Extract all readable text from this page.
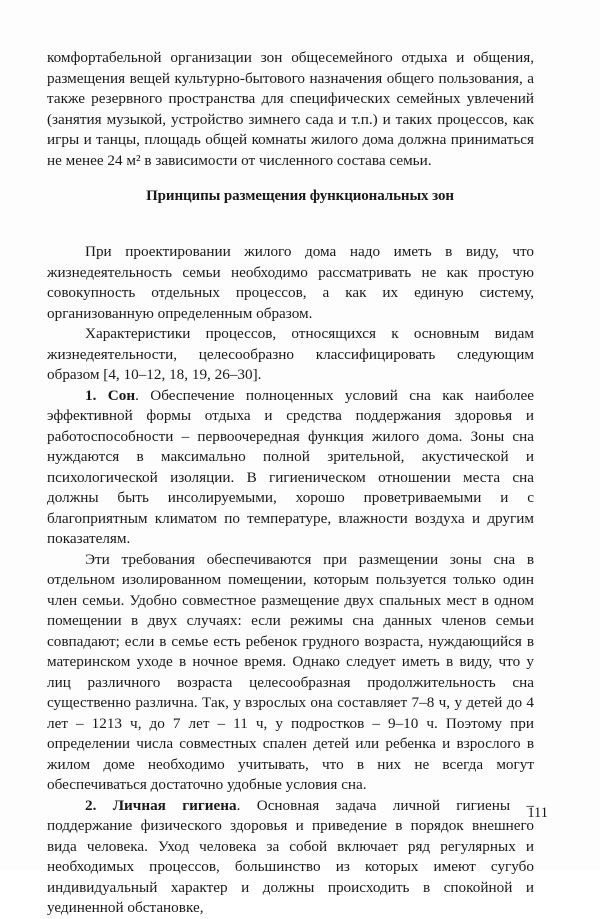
комфортабельной организации зон общесемейного отдыха и общения, размещения вещей культурно-бытового назначения общего пользования, а также резервного пространства для специфических семейных увлечений (занятия музыкой, устройство зимнего сада и т.п.) и таких процессов, как игры и танцы, площадь общей комнаты жилого дома должна приниматься не менее 24 м² в зависимости от численного состава семьи.

Принципы размещения функциональных зон

При проектировании жилого дома надо иметь в виду, что жизнедеятельность семьи необходимо рассматривать не как простую совокупность отдельных процессов, а как их единую систему, организованную определенным образом.

Характеристики процессов, относящихся к основным видам жизнедеятельности, целесообразно классифицировать следующим образом [4, 10–12, 18, 19, 26–30].

1. Сон. Обеспечение полноценных условий сна как наиболее эффективной формы отдыха и средства поддержания здоровья и работоспособности – первоочередная функция жилого дома. Зоны сна нуждаются в максимально полной зрительной, акустической и психологической изоляции. В гигиеническом отношении места сна должны быть инсолируемыми, хорошо проветриваемыми и с благоприятным климатом по температуре, влажности воздуха и другим показателям.

Эти требования обеспечиваются при размещении зоны сна в отдельном изолированном помещении, которым пользуется только один член семьи. Удобно совместное размещение двух спальных мест в одном помещении в двух случаях: если режимы сна данных членов семьи совпадают; если в семье есть ребенок грудного возраста, нуждающийся в материнском уходе в ночное время. Однако следует иметь в виду, что у лиц различного возраста целесообразная продолжительность сна существенно различна. Так, у взрослых она составляет 7–8 ч, у детей до 4 лет – 1213 ч, до 7 лет – 11 ч, у подростков – 9–10 ч. Поэтому при определении числа совместных спален детей или ребенка и взрослого в жилом доме необходимо учитывать, что в них не всегда могут обеспечиваться достаточно удобные условия сна.

2. Личная гигиена. Основная задача личной гигиены – поддержание физического здоровья и приведение в порядок внешнего вида человека. Уход человека за собой включает ряд регулярных и необходимых процессов, большинство из которых имеют сугубо индивидуальный характер и должны происходить в спокойной и уединенной обстановке,

111
